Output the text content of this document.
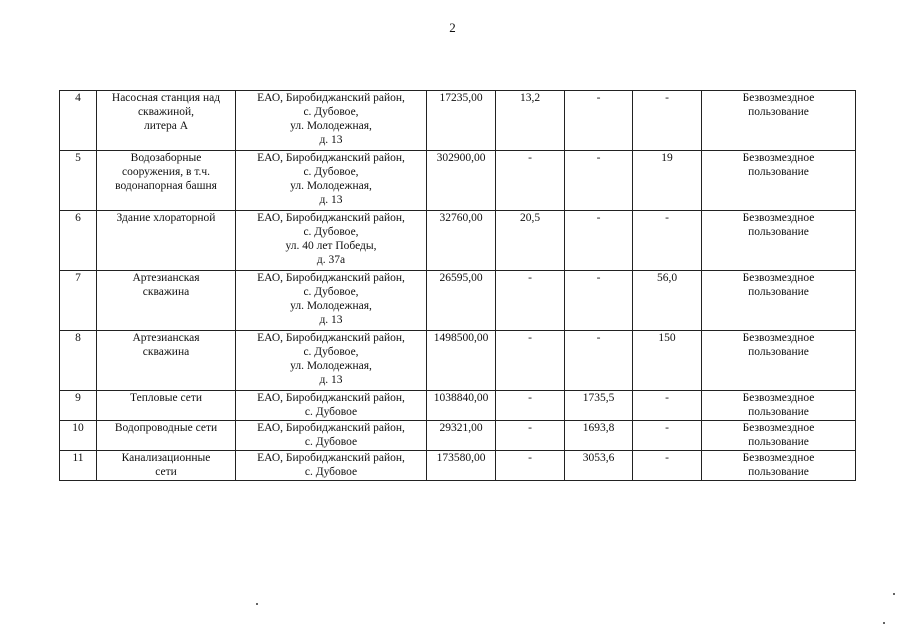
2
4	Насосная станция над
скважиной,
литера А	ЕАО, Биробиджанский район,
с. Дубовое,
ул. Молодежная,
д. 13	17235,00	13,2	-	-	Безвозмездное
пользование
5	Водозаборные
сооружения, в т.ч.
водонапорная башня	ЕАО, Биробиджанский район,
с. Дубовое,
ул. Молодежная,
д. 13	302900,00	-	-	19	Безвозмездное
пользование
6	Здание хлораторной	ЕАО, Биробиджанский район,
с. Дубовое,
ул. 40 лет Победы,
д. 37а	32760,00	20,5	-	-	Безвозмездное
пользование
7	Артезианская
скважина	ЕАО, Биробиджанский район,
с. Дубовое,
ул. Молодежная,
д. 13	26595,00	-	-	56,0	Безвозмездное
пользование
8	Артезианская
скважина	ЕАО, Биробиджанский район,
с. Дубовое,
ул. Молодежная,
д. 13	1498500,00	-	-	150	Безвозмездное
пользование
9	Тепловые сети	ЕАО, Биробиджанский район,
с. Дубовое	1038840,00	-	1735,5	-	Безвозмездное
пользование
10	Водопроводные сети	ЕАО, Биробиджанский район,
с. Дубовое	29321,00	-	1693,8	-	Безвозмездное
пользование
11	Канализационные
сети	ЕАО, Биробиджанский район,
с. Дубовое	173580,00	-	3053,6	-	Безвозмездное
пользование
